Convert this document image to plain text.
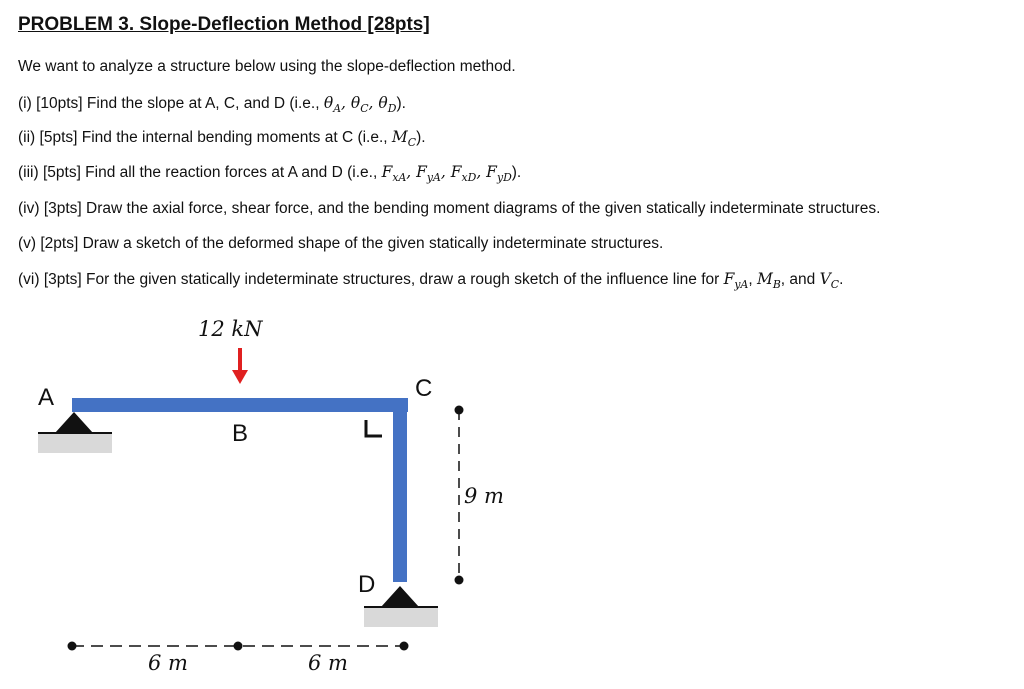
PROBLEM 3. Slope-Deflection Method [28pts]
We want to analyze a structure below using the slope-deflection method.
(i) [10pts] Find the slope at A, C, and D (i.e., $\theta_A$, $\theta_C$, $\theta_D$).
(ii) [5pts] Find the internal bending moments at C (i.e., $M_C$).
(iii) [5pts] Find all the reaction forces at A and D (i.e., $F_{xA}$, $F_{yA}$, $F_{xD}$, $F_{yD}$).
(iv) [3pts] Draw the axial force, shear force, and the bending moment diagrams of the given statically indeterminate structures.
(v) [2pts] Draw a sketch of the deformed shape of the given statically indeterminate structures.
(vi) [3pts] For the given statically indeterminate structures, draw a rough sketch of the influence line for $F_{yA}$, $M_B$, and $V_C$.
12 kN
A
B
C
D
9 m
6 m	6 m
